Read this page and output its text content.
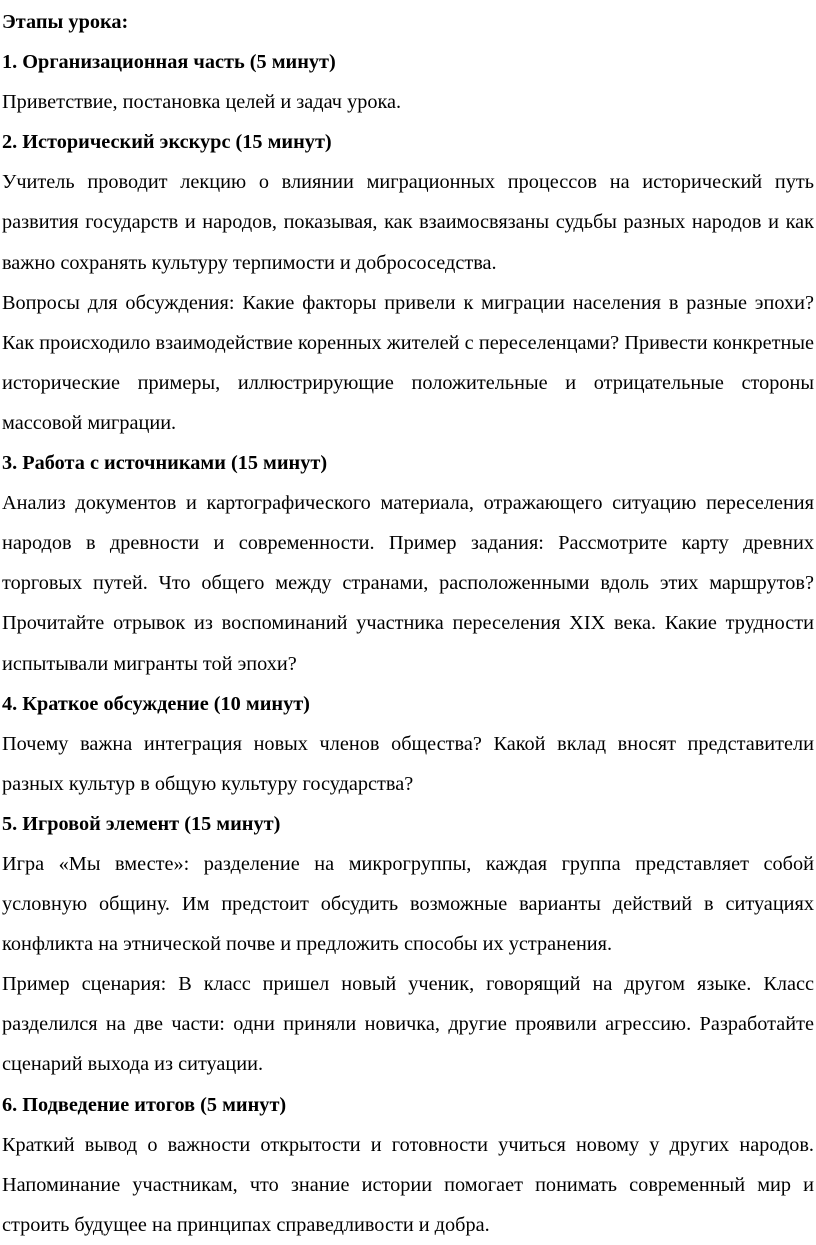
Этапы урока:
1. Организационная часть (5 минут)

Приветствие, постановка целей и задач урока.

2. Исторический экскурс (15 минут)

Учитель проводит лекцию о влиянии миграционных процессов на исторический путь развития государств и народов, показывая, как взаимосвязаны судьбы разных народов и как важно сохранять культуру терпимости и добрососедства.

Вопросы для обсуждения: Какие факторы привели к миграции населения в разные эпохи? Как происходило взаимодействие коренных жителей с переселенцами? Привести конкретные исторические примеры, иллюстрирующие положительные и отрицательные стороны массовой миграции.

3. Работа с источниками (15 минут)

Анализ документов и картографического материала, отражающего ситуацию переселения народов в древности и современности. Пример задания: Рассмотрите карту древних торговых путей. Что общего между странами, расположенными вдоль этих маршрутов? Прочитайте отрывок из воспоминаний участника переселения XIX века. Какие трудности испытывали мигранты той эпохи?

4. Краткое обсуждение (10 минут)

Почему важна интеграция новых членов общества? Какой вклад вносят представители разных культур в общую культуру государства?

5. Игровой элемент (15 минут)

Игра «Мы вместе»: разделение на микрогруппы, каждая группа представляет собой условную общину. Им предстоит обсудить возможные варианты действий в ситуациях конфликта на этнической почве и предложить способы их устранения.

Пример сценария: В класс пришел новый ученик, говорящий на другом языке. Класс разделился на две части: одни приняли новичка, другие проявили агрессию. Разработайте сценарий выхода из ситуации.

6. Подведение итогов (5 минут)

Краткий вывод о важности открытости и готовности учиться новому у других народов. Напоминание участникам, что знание истории помогает понимать современный мир и строить будущее на принципах справедливости и добра.
